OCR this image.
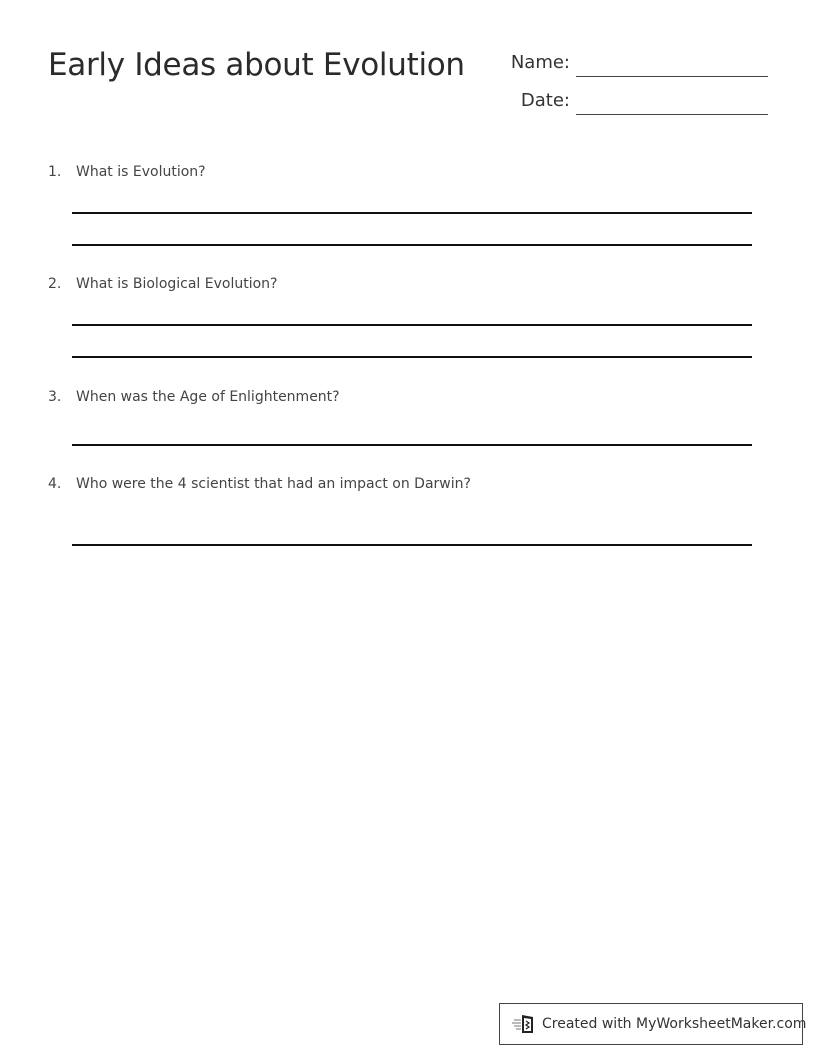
Early Ideas about Evolution	Name:
Date:
1. What is Evolution?
2. What is Biological Evolution?
3. When was the Age of Enlightenment?
4. Who were the 4 scientist that had an impact on Darwin?
Created with MyWorksheetMaker.com
